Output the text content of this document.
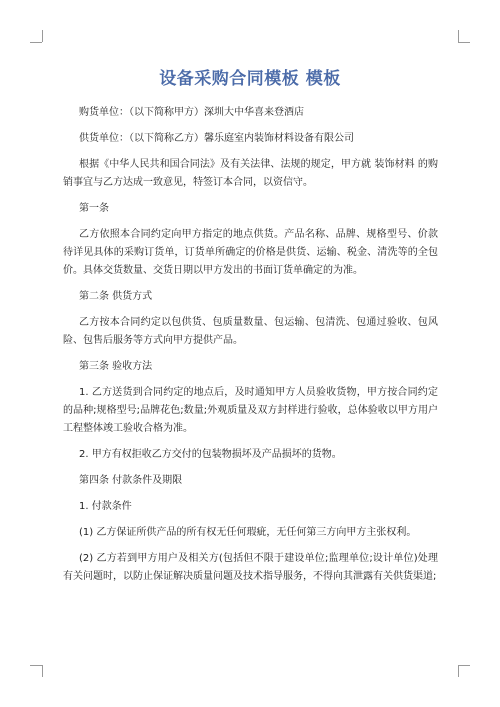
设备采购合同模板 模板

购货单位：（以下简称甲方）深圳大中华喜来登酒店

供货单位：（以下简称乙方）馨乐庭室内装饰材料设备有限公司

根据《中华人民共和国合同法》及有关法律、法规的规定，甲方就 装饰材料 的购销事宜与乙方达成一致意见，特签订本合同，以资信守。

第一条

乙方依照本合同约定向甲方指定的地点供货。产品名称、品牌、规格型号、价款待详见具体的采购订货单，订货单所确定的价格是供货、运输、税金、清洗等的全包价。具体交货数量、交货日期以甲方发出的书面订货单确定的为准。

第二条 供货方式

乙方按本合同约定以包供货、包质量数量、包运输、包清洗、包通过验收、包风险、包售后服务等方式向甲方提供产品。

第三条 验收方法

1. 乙方送货到合同约定的地点后，及时通知甲方人员验收货物，甲方按合同约定的品种;规格型号;品牌花色;数量;外观质量及双方封样进行验收，总体验收以甲方用户工程整体竣工验收合格为准。

2. 甲方有权拒收乙方交付的包装物损坏及产品损坏的货物。

第四条 付款条件及期限

1. 付款条件

(1) 乙方保证所供产品的所有权无任何瑕疵，无任何第三方向甲方主张权利。

(2) 乙方若到甲方用户及相关方(包括但不限于建设单位;监理单位;设计单位)处理有关问题时，以防止保证解决质量问题及技术指导服务，不得向其泄露有关供货渠道;
